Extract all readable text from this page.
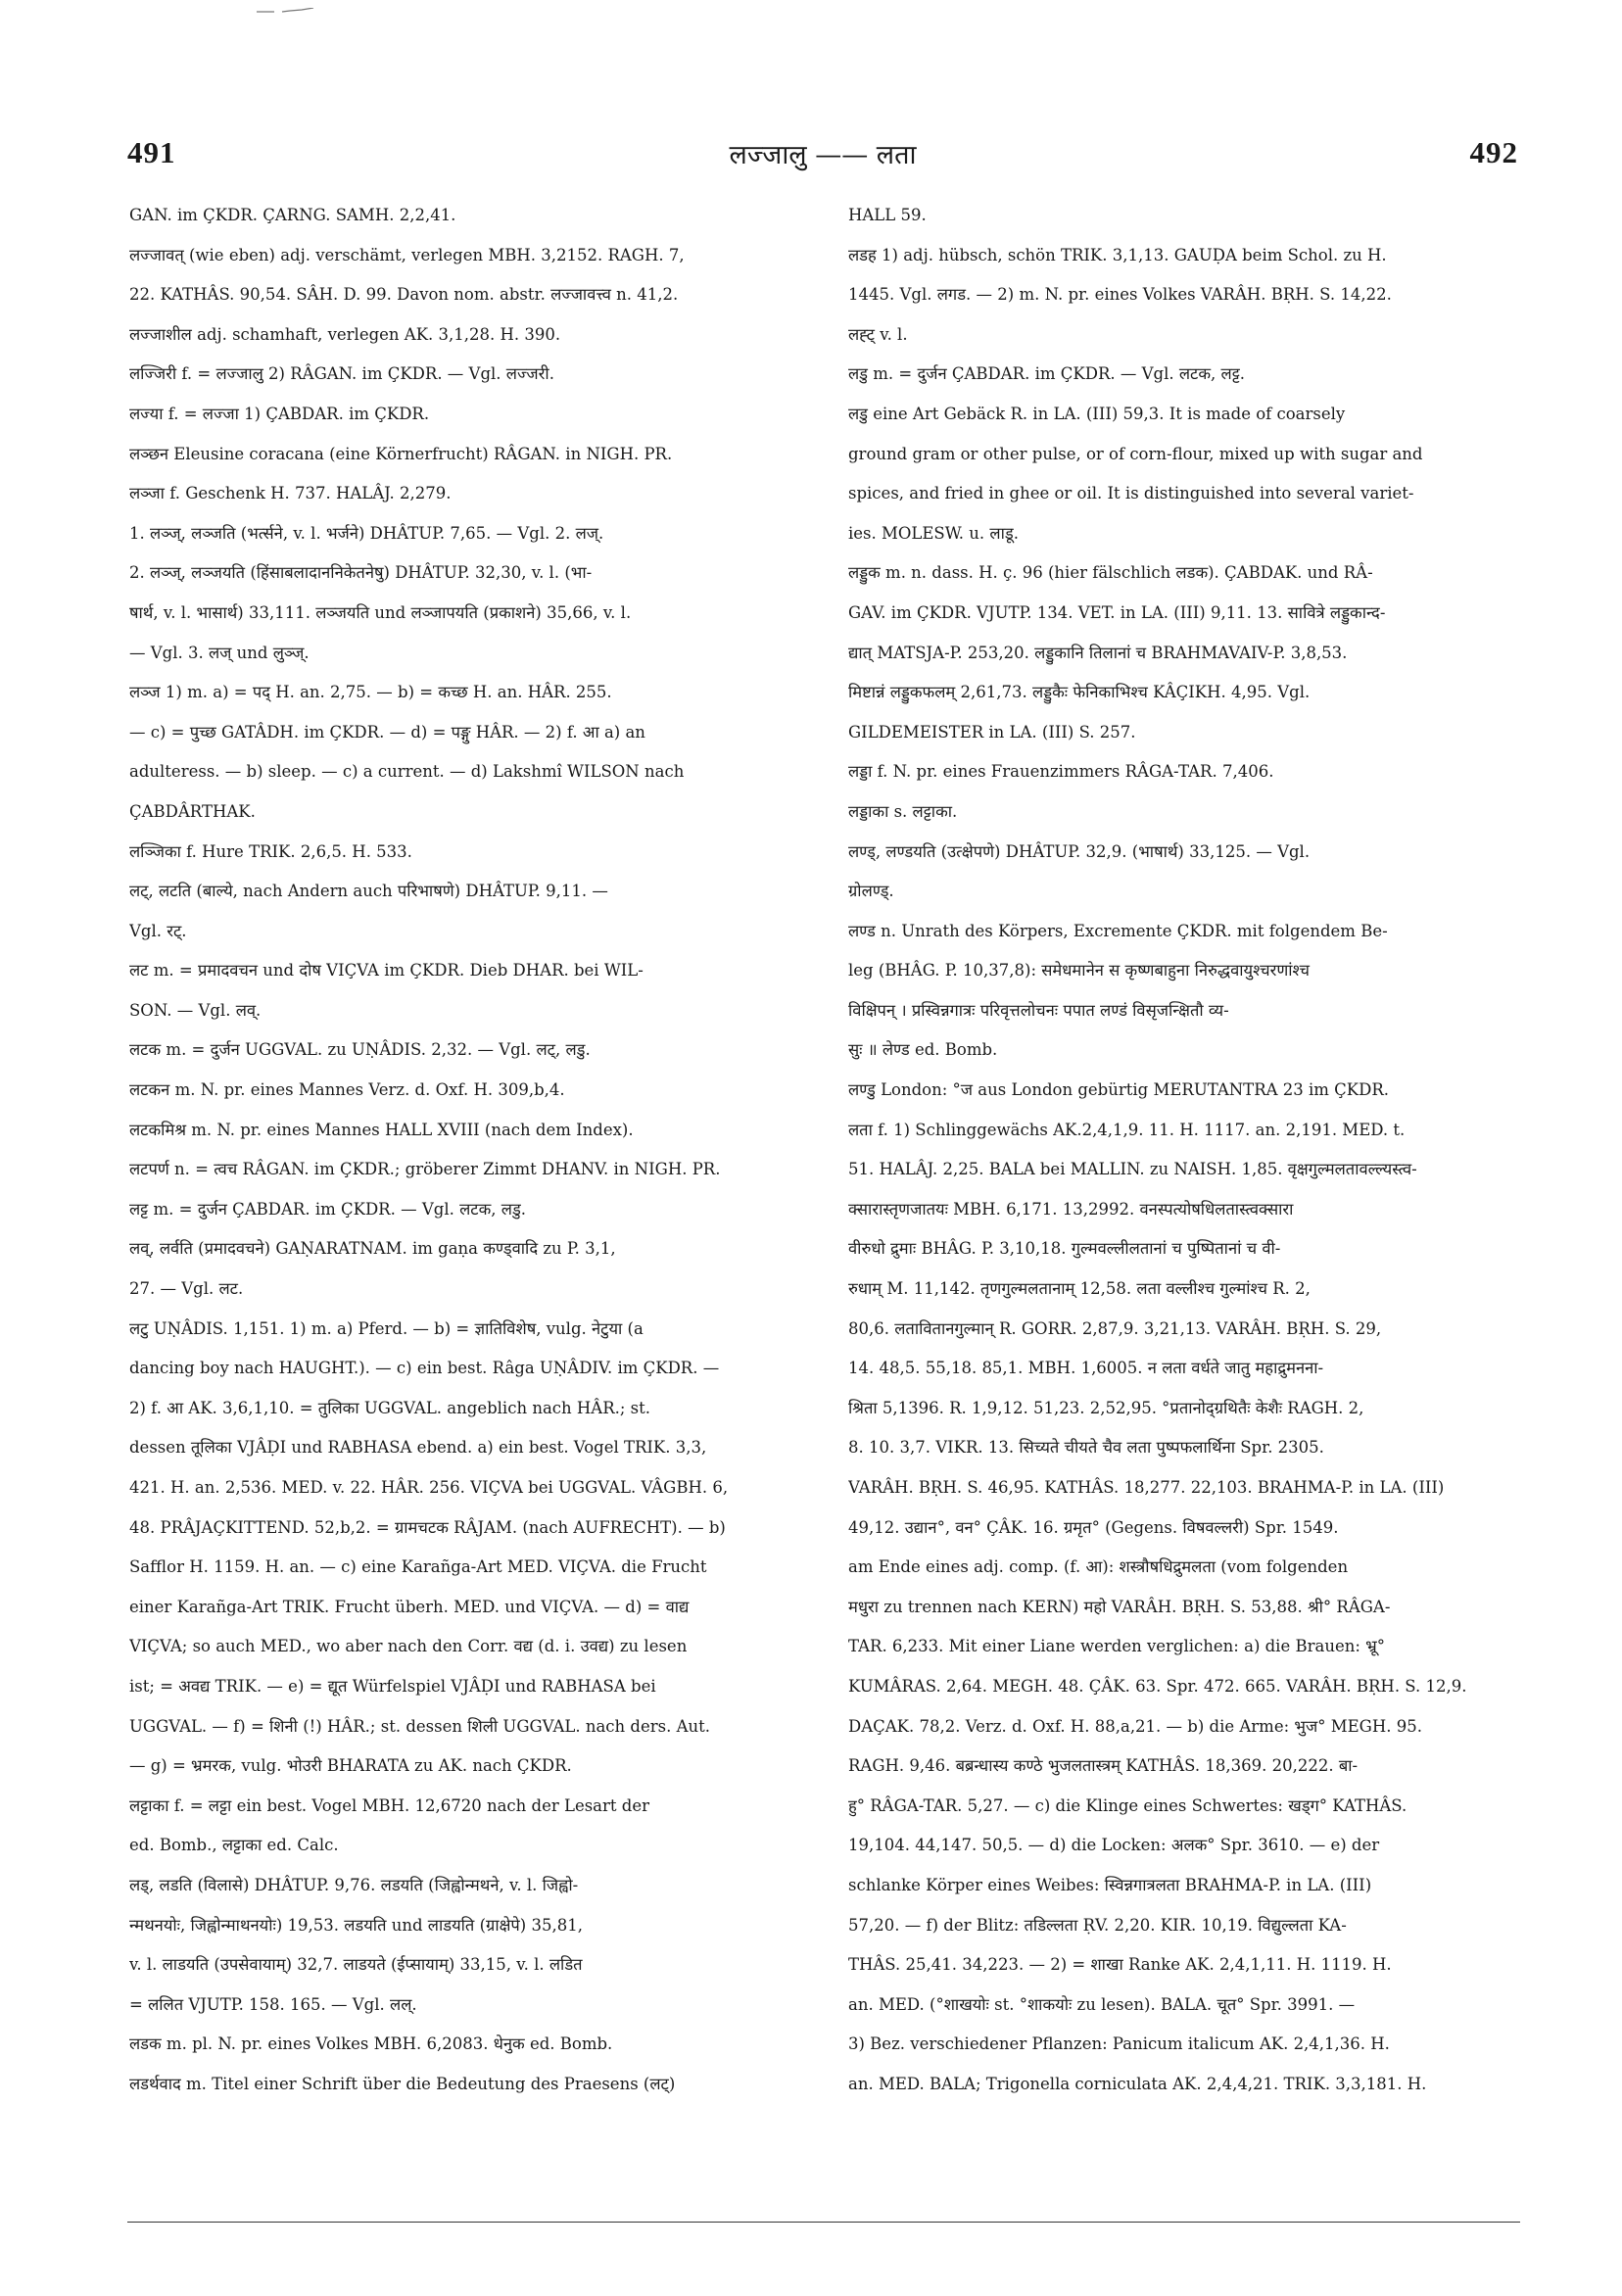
491	लज्जालु —— लता	492
GAN. im ÇKDR. ÇARNG. SAMH. 2,2,41.
लज्जावत् (wie eben) adj. verschämt, verlegen MBH. 3,2152. RAGH. 7,
22. KATHÂS. 90,54. SÂH. D. 99. Davon nom. abstr. लज्जावत्त्व n. 41,2.
लज्जाशील adj. schamhaft, verlegen AK. 3,1,28. H. 390.
लज्जिरी f. = लज्जालु 2) RÂGAN. im ÇKDR. — Vgl. लज्जरी.
लज्या f. = लज्जा 1) ÇABDAR. im ÇKDR.
लञ्छन Eleusine coracana (eine Körnerfrucht) RÂGAN. in NIGH. PR.
लञ्जा f. Geschenk H. 737. HALÂJ. 2,279.
1. लञ्ज्, लञ्जति (भर्त्सने, v. l. भर्जने) DHÂTUP. 7,65. — Vgl. 2. लज्.
2. लञ्ज्, लञ्जयति (हिंसाबलादाननिकेतनेषु) DHÂTUP. 32,30, v. l. (भा-
षार्थ, v. l. भासार्थ) 33,111. लञ्जयति und लञ्जापयति (प्रकाशने) 35,66, v. l.
— Vgl. 3. लज् und लुञ्ज्.
लञ्ज 1) m. a) = पद् H. an. 2,75. — b) = कच्छ H. an. HÂR. 255.
— c) = पुच्छ GATÂDH. im ÇKDR. — d) = पङ्गु HÂR. — 2) f. आ a) an
adulteress. — b) sleep. — c) a current. — d) Lakshmî WILSON nach
ÇABDÂRTHAK.
लञ्जिका f. Hure TRIK. 2,6,5. H. 533.
लट्, लटति (बाल्ये, nach Andern auch परिभाषणे) DHÂTUP. 9,11. —
Vgl. रट्.
लट m. = प्रमादवचन und दोष VIÇVA im ÇKDR. Dieb DHAR. bei WIL-
SON. — Vgl. लव्.
लटक m. = दुर्जन UGGVAL. zu UṆÂDIS. 2,32. — Vgl. लट्, लडु.
लटकन m. N. pr. eines Mannes Verz. d. Oxf. H. 309,b,4.
लटकमिश्र m. N. pr. eines Mannes HALL XVIII (nach dem Index).
लटपर्ण n. = त्वच RÂGAN. im ÇKDR.; gröberer Zimmt DHANV. in NIGH. PR.
लट्ट m. = दुर्जन ÇABDAR. im ÇKDR. — Vgl. लटक, लडु.
लव्, लर्वति (प्रमादवचने) GAṆARATNAM. im gaṇa कण्ड्वादि zu P. 3,1,
27. — Vgl. लट.
लटु UṆÂDIS. 1,151. 1) m. a) Pferd. — b) = ज्ञातिविशेष, vulg. नेटुया (a
dancing boy nach HAUGHT.). — c) ein best. Râga UṆÂDIV. im ÇKDR. —
2) f. आ AK. 3,6,1,10. = तुलिका UGGVAL. angeblich nach HÂR.; st.
dessen तूलिका VJÂḌI und RABHASA ebend. a) ein best. Vogel TRIK. 3,3,
421. H. an. 2,536. MED. v. 22. HÂR. 256. VIÇVA bei UGGVAL. VÂGBH. 6,
48. PRÂJAÇKITTEND. 52,b,2. = ग्रामचटक RÂJAM. (nach AUFRECHT). — b)
Safflor H. 1159. H. an. — c) eine Karañga-Art MED. VIÇVA. die Frucht
einer Karañga-Art TRIK. Frucht überh. MED. und VIÇVA. — d) = वाद्य
VIÇVA; so auch MED., wo aber nach den Corr. वद्य (d. i. उवद्य) zu lesen
ist; = अवद्य TRIK. — e) = द्यूत Würfelspiel VJÂḌI und RABHASA bei
UGGVAL. — f) = शिनी (!) HÂR.; st. dessen शिली UGGVAL. nach ders. Aut.
— g) = भ्रमरक, vulg. भोउरी BHARATA zu AK. nach ÇKDR.
लट्टाका f. = लट्टा ein best. Vogel MBH. 12,6720 nach der Lesart der
ed. Bomb., लट्टाका ed. Calc.
लड्, लडति (विलासे) DHÂTUP. 9,76. लडयति (जिह्वोन्मथने, v. l. जिह्वो-
न्मथनयोः, जिह्वोन्माथनयोः) 19,53. लडयति und लाडयति (ग्राक्षेपे) 35,81,
v. l. लाडयति (उपसेवायाम्) 32,7. लाडयते (ईप्सायाम्) 33,15, v. l. लडित
= ललित VJUTP. 158. 165. — Vgl. लल्.
लडक m. pl. N. pr. eines Volkes MBH. 6,2083. धेनुक ed. Bomb.
लडर्थवाद m. Titel einer Schrift über die Bedeutung des Praesens (लट्)
HALL 59.
लडह 1) adj. hübsch, schön TRIK. 3,1,13. GAUḌA beim Schol. zu H.
1445. Vgl. लगड. — 2) m. N. pr. eines Volkes VARÂH. BṚH. S. 14,22.
लह्ट् v. l.
लडु m. = दुर्जन ÇABDAR. im ÇKDR. — Vgl. लटक, लट्ट.
लडु eine Art Gebäck R. in LA. (III) 59,3. It is made of coarsely
ground gram or other pulse, or of corn-flour, mixed up with sugar and
spices, and fried in ghee or oil. It is distinguished into several variet-
ies. MOLESW. u. लाडू.
लड्डुक m. n. dass. H. ç. 96 (hier fälschlich लडक). ÇABDAK. und RÂ-
GAV. im ÇKDR. VJUTP. 134. VET. in LA. (III) 9,11. 13. सावित्रे लड्डुकान्द-
द्यात् MATSJA-P. 253,20. लड्डुकानि तिलानां च BRAHMAVAIV-P. 3,8,53.
मिष्टान्नं लड्डुकफलम् 2,61,73. लड्डुकैः फेनिकाभिश्च KÂÇIKH. 4,95. Vgl.
GILDEMEISTER in LA. (III) S. 257.
लड्डा f. N. pr. eines Frauenzimmers RÂGA-TAR. 7,406.
लड्डाका s. लट्टाका.
लण्ड्, लण्डयति (उत्क्षेपणे) DHÂTUP. 32,9. (भाषार्थ) 33,125. — Vgl.
ग्रोलण्ड्.
लण्ड n. Unrath des Körpers, Excremente ÇKDR. mit folgendem Be-
leg (BHÂG. P. 10,37,8): समेधमानेन स कृष्णबाहुना निरुद्धवायुश्चरणांश्च
विक्षिपन् । प्रस्विन्नगात्रः परिवृत्तलोचनः पपात लण्डं विसृजन्क्षितौ व्य-
सुः ॥ लेण्ड ed. Bomb.
लण्डु London: °ज aus London gebürtig MERUTANTRA 23 im ÇKDR.
लता f. 1) Schlinggewächs AK.2,4,1,9. 11. H. 1117. an. 2,191. MED. t.
51. HALÂJ. 2,25. BALA bei MALLIN. zu NAISH. 1,85. वृक्षगुल्मलतावल्ल्यस्त्व-
क्सारास्तृणजातयः MBH. 6,171. 13,2992. वनस्पत्योषधिलतास्त्वक्सारा
वीरुधो द्रुमाः BHÂG. P. 3,10,18. गुल्मवल्लीलतानां च पुष्पितानां च वी-
रुधाम् M. 11,142. तृणगुल्मलतानाम् 12,58. लता वल्लीश्च गुल्मांश्च R. 2,
80,6. लतावितानगुल्मान् R. GORR. 2,87,9. 3,21,13. VARÂH. BṚH. S. 29,
14. 48,5. 55,18. 85,1. MBH. 1,6005. न लता वर्धते जातु महाद्रुमनना-
श्रिता 5,1396. R. 1,9,12. 51,23. 2,52,95. °प्रतानोद्ग्रथितैः केशैः RAGH. 2,
8. 10. 3,7. VIKR. 13. सिच्यते चीयते चैव लता पुष्पफलार्थिना Spr. 2305.
VARÂH. BṚH. S. 46,95. KATHÂS. 18,277. 22,103. BRAHMA-P. in LA. (III)
49,12. उद्यान°, वन° ÇÂK. 16. ग्रमृत° (Gegens. विषवल्लरी) Spr. 1549.
am Ende eines adj. comp. (f. आ): शस्त्रौषधिद्रुमलता (vom folgenden
मधुरा zu trennen nach KERN) महो VARÂH. BṚH. S. 53,88. श्री° RÂGA-
TAR. 6,233. Mit einer Liane werden verglichen: a) die Brauen: भ्रू°
KUMÂRAS. 2,64. MEGH. 48. ÇÂK. 63. Spr. 472. 665. VARÂH. BṚH. S. 12,9.
DAÇAK. 78,2. Verz. d. Oxf. H. 88,a,21. — b) die Arme: भुज° MEGH. 95.
RAGH. 9,46. बब्रन्धास्य कण्ठे भुजलतास्त्रम् KATHÂS. 18,369. 20,222. बा-
हु° RÂGA-TAR. 5,27. — c) die Klinge eines Schwertes: खड्ग° KATHÂS.
19,104. 44,147. 50,5. — d) die Locken: अलक° Spr. 3610. — e) der
schlanke Körper eines Weibes: स्विन्नगात्रलता BRAHMA-P. in LA. (III)
57,20. — f) der Blitz: तडिल्लता ṚV. 2,20. KIR. 10,19. विद्युल्लता KA-
THÂS. 25,41. 34,223. — 2) = शाखा Ranke AK. 2,4,1,11. H. 1119. H.
an. MED. (°शाखयोः st. °शाकयोः zu lesen). BALA. चूत° Spr. 3991. —
3) Bez. verschiedener Pflanzen: Panicum italicum AK. 2,4,1,36. H.
an. MED. BALA; Trigonella corniculata AK. 2,4,4,21. TRIK. 3,3,181. H.
